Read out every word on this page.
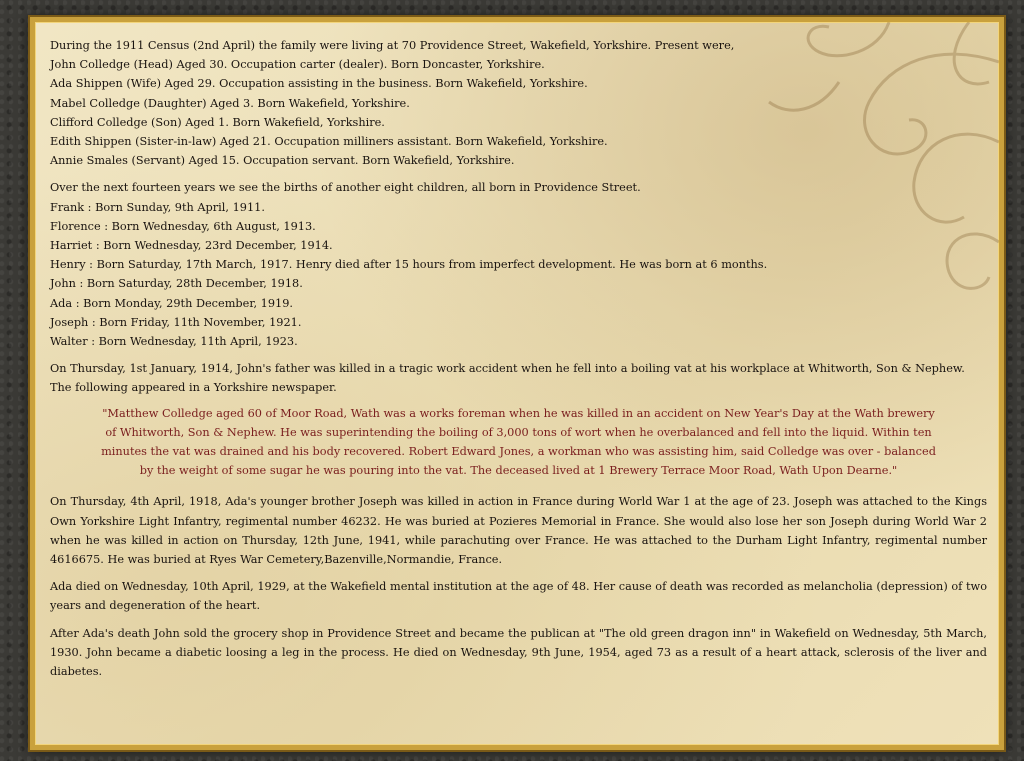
During the 1911 Census (2nd April) the family were living at 70 Providence Street, Wakefield, Yorkshire. Present were,

John Colledge (Head) Aged 30. Occupation carter (dealer). Born Doncaster, Yorkshire.

Ada Shippen (Wife) Aged 29. Occupation assisting in the business. Born Wakefield, Yorkshire.

Mabel Colledge (Daughter) Aged 3. Born Wakefield, Yorkshire.

Clifford Colledge (Son) Aged 1. Born Wakefield, Yorkshire.

Edith Shippen (Sister-in-law) Aged 21. Occupation milliners assistant. Born Wakefield, Yorkshire.

Annie Smales (Servant) Aged 15. Occupation servant. Born Wakefield, Yorkshire.

Over the next fourteen years we see the births of another eight children, all born in Providence Street.

Frank : Born Sunday, 9th April, 1911.

Florence : Born Wednesday, 6th August, 1913.

Harriet : Born Wednesday, 23rd December, 1914.

Henry : Born Saturday, 17th March, 1917. Henry died after 15 hours from imperfect development. He was born at 6 months.

John : Born Saturday, 28th December, 1918.

Ada : Born Monday, 29th December, 1919.

Joseph : Born Friday, 11th November, 1921.

Walter : Born Wednesday, 11th April, 1923.

On Thursday, 1st January, 1914, John's father was killed in a tragic work accident when he fell into a boiling vat at his workplace at Whitworth, Son & Nephew.

The following appeared in a Yorkshire newspaper.

"Matthew Colledge aged 60 of Moor Road, Wath was a works foreman when he was killed in an accident on New Year's Day at the Wath brewery of Whitworth, Son & Nephew. He was superintending the boiling of 3,000 tons of wort when he overbalanced and fell into the liquid. Within ten minutes the vat was drained and his body recovered. Robert Edward Jones, a workman who was assisting him, said Colledge was over - balanced by the weight of some sugar he was pouring into the vat. The deceased lived at 1 Brewery Terrace Moor Road, Wath Upon Dearne."

On Thursday, 4th April, 1918, Ada's younger brother Joseph was killed in action in France during World War 1 at the age of 23. Joseph was attached to the Kings Own Yorkshire Light Infantry, regimental number 46232. He was buried at Pozieres Memorial in France. She would also lose her son Joseph during World War 2 when he was killed in action on Thursday, 12th June, 1941, while parachuting over France. He was attached to the Durham Light Infantry, regimental number 4616675. He was buried at Ryes War Cemetery,Bazenville,Normandie, France.

Ada died on Wednesday, 10th April, 1929, at the Wakefield mental institution at the age of 48. Her cause of death was recorded as melancholia (depression) of two years and degeneration of the heart.

After Ada's death John sold the grocery shop in Providence Street and became the publican at "The old green dragon inn" in Wakefield on Wednesday, 5th March, 1930. John became a diabetic loosing a leg in the process. He died on Wednesday, 9th June, 1954, aged 73 as a result of a heart attack, sclerosis of the liver and diabetes.
